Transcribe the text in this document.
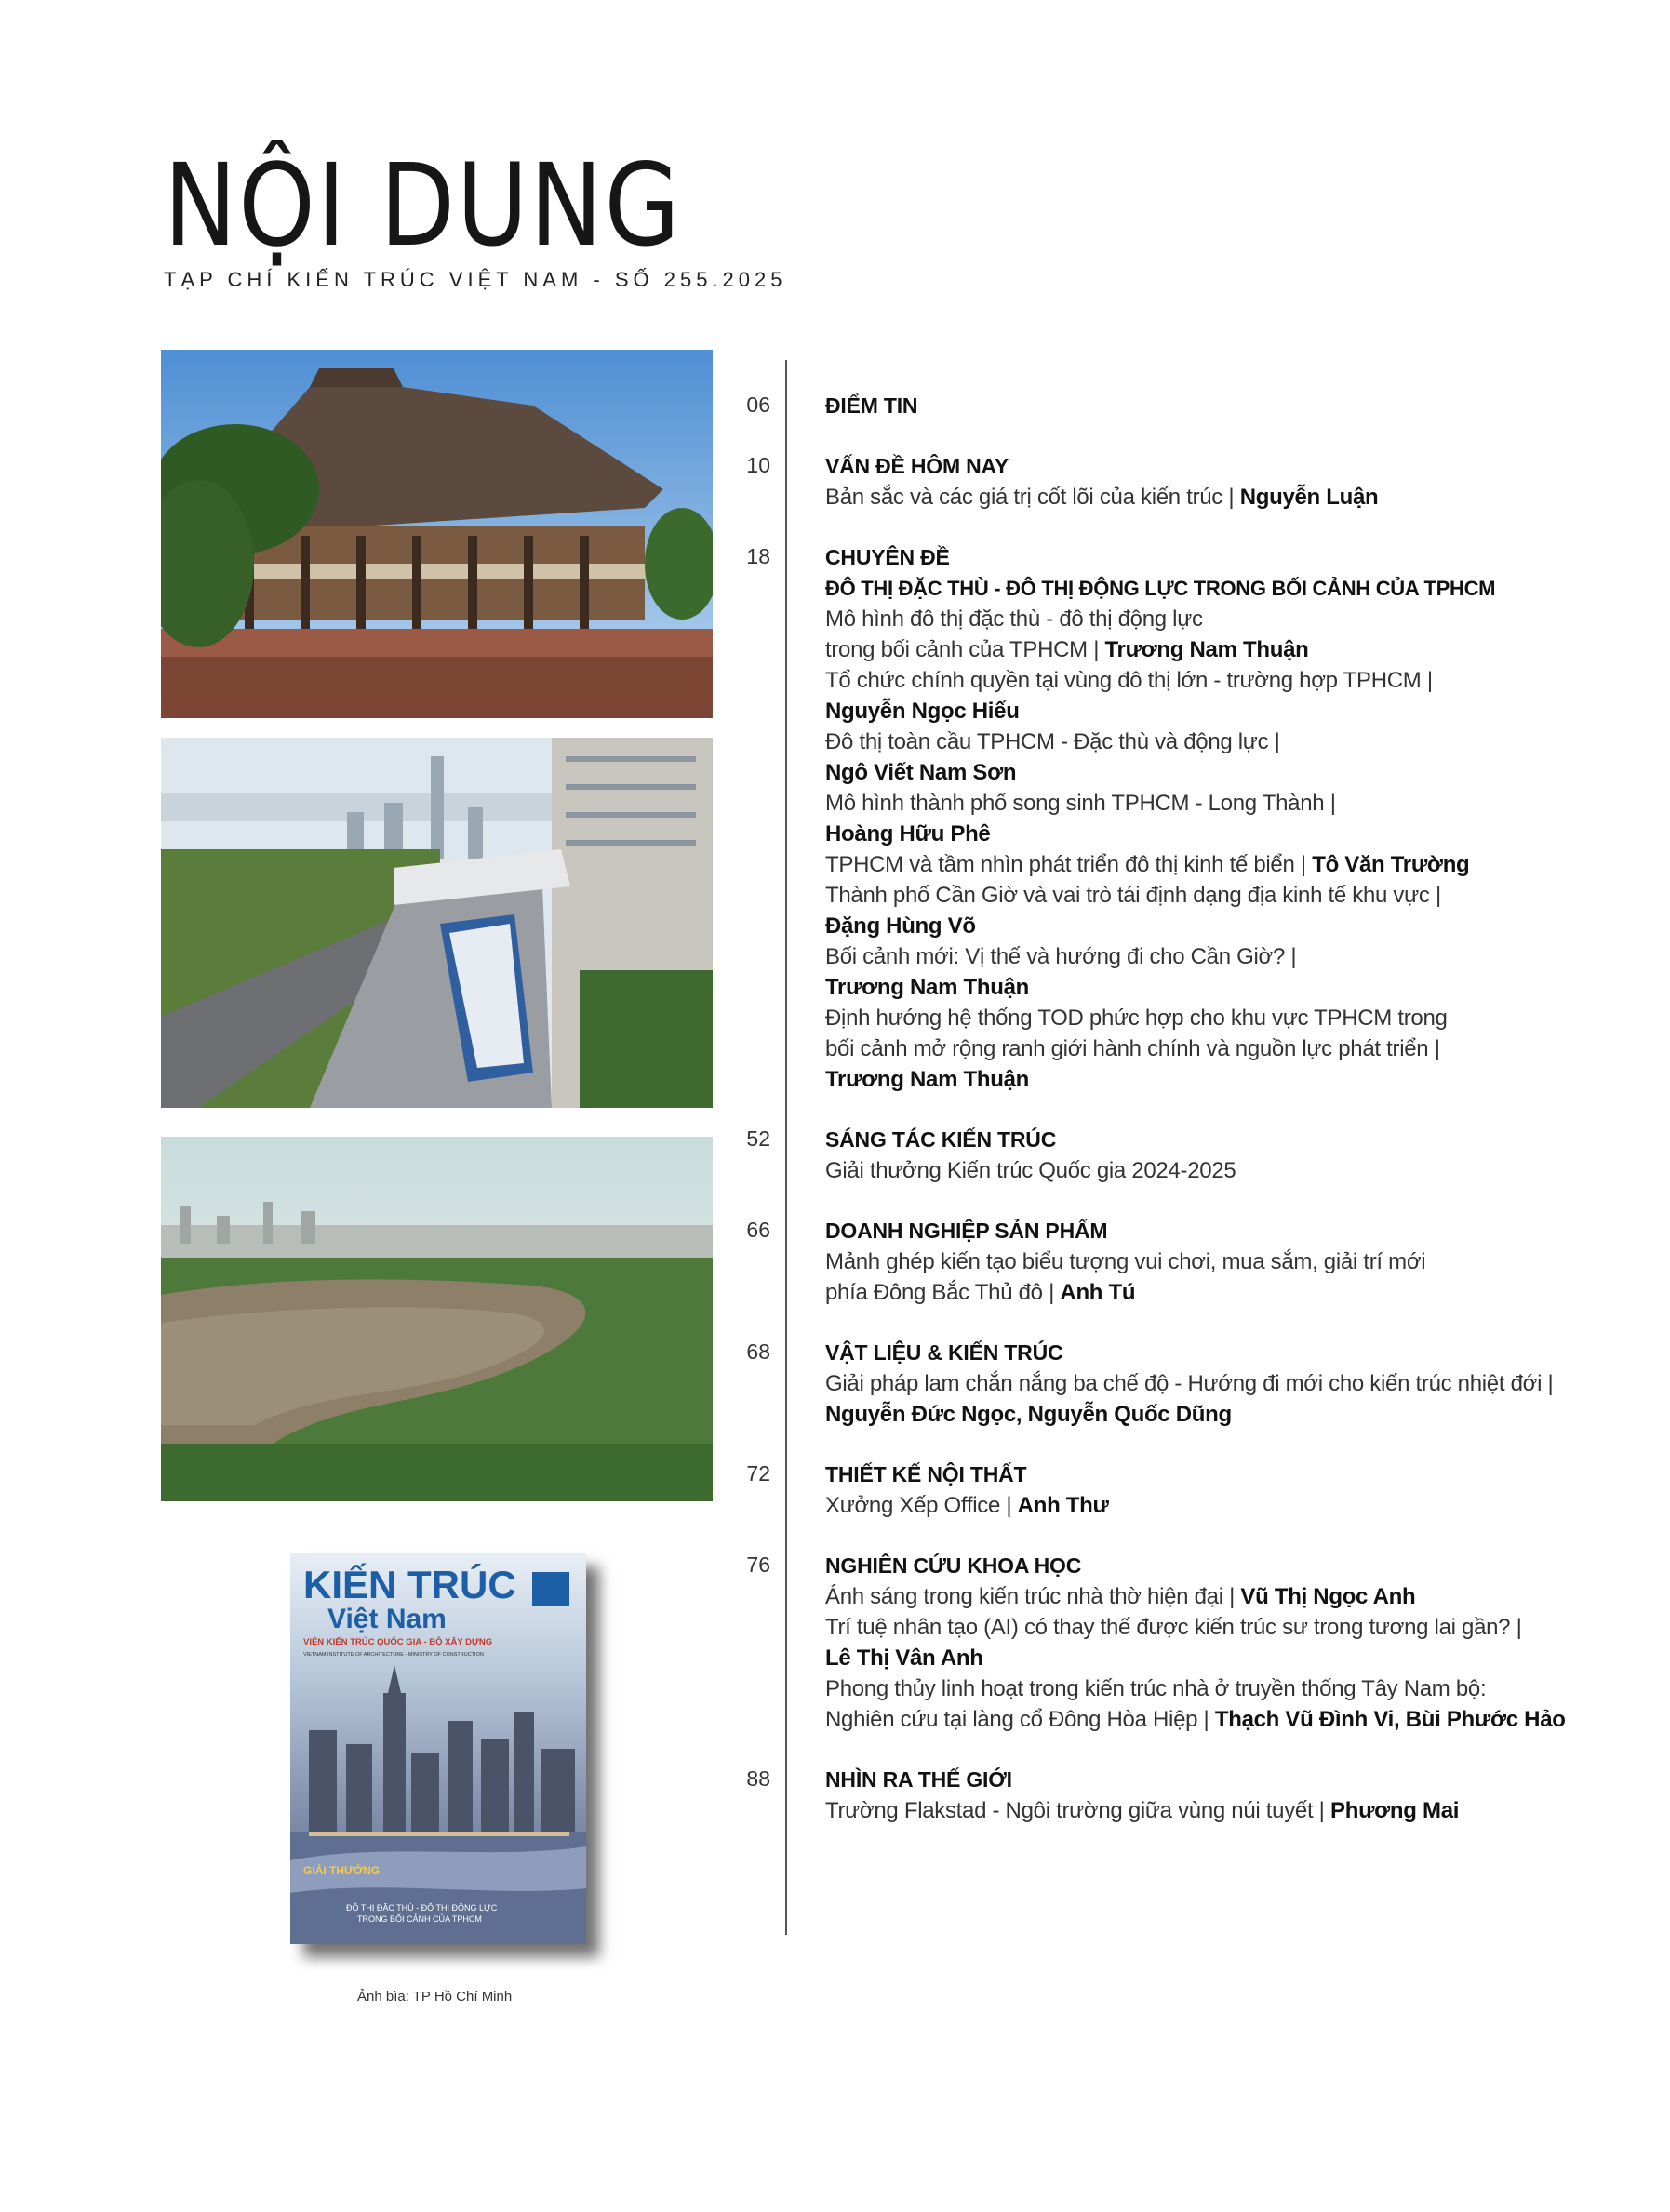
NỘI DUNG
TẠP CHÍ KIẾN TRÚC VIỆT NAM - SỐ 255.2025
KIẾN TRÚC
Việt Nam
VIỆN KIẾN TRÚC QUỐC GIA - BỘ XÂY DỰNG
VIETNAM INSTITUTE OF ARCHITECTURE - MINISTRY OF CONSTRUCTION
GIẢI THƯỞNG
ĐÔ THỊ ĐẶC THÙ - ĐÔ THỊ ĐỘNG LỰC
TRONG BỐI CẢNH CỦA TPHCM
Ảnh bìa: TP Hồ Chí Minh
06	ĐIỂM TIN
10	VẤN ĐỀ HÔM NAY
Bản sắc và các giá trị cốt lõi của kiến trúc | Nguyễn Luận
18	CHUYÊN ĐỀ
ĐÔ THỊ ĐẶC THÙ - ĐÔ THỊ ĐỘNG LỰC TRONG BỐI CẢNH CỦA TPHCM
Mô hình đô thị đặc thù - đô thị động lực
trong bối cảnh của TPHCM | Trương Nam Thuận
Tổ chức chính quyền tại vùng đô thị lớn - trường hợp TPHCM |
Nguyễn Ngọc Hiếu
Đô thị toàn cầu TPHCM - Đặc thù và động lực |
Ngô Viết Nam Sơn
Mô hình thành phố song sinh TPHCM - Long Thành |
Hoàng Hữu Phê
TPHCM và tầm nhìn phát triển đô thị kinh tế biển | Tô Văn Trường
Thành phố Cần Giờ và vai trò tái định dạng địa kinh tế khu vực |
Đặng Hùng Võ
Bối cảnh mới: Vị thế và hướng đi cho Cần Giờ? |
Trương Nam Thuận
Định hướng hệ thống TOD phức hợp cho khu vực TPHCM trong
bối cảnh mở rộng ranh giới hành chính và nguồn lực phát triển |
Trương Nam Thuận
52	SÁNG TÁC KIẾN TRÚC
Giải thưởng Kiến trúc Quốc gia 2024-2025
66	DOANH NGHIỆP SẢN PHẨM
Mảnh ghép kiến tạo biểu tượng vui chơi, mua sắm, giải trí mới
phía Đông Bắc Thủ đô | Anh Tú
68	VẬT LIỆU & KIẾN TRÚC
Giải pháp lam chắn nắng ba chế độ - Hướng đi mới cho kiến trúc nhiệt đới |
Nguyễn Đức Ngọc, Nguyễn Quốc Dũng
72	THIẾT KẾ NỘI THẤT
Xưởng Xếp Office | Anh Thư
76	NGHIÊN CỨU KHOA HỌC
Ánh sáng trong kiến trúc nhà thờ hiện đại | Vũ Thị Ngọc Anh
Trí tuệ nhân tạo (AI) có thay thế được kiến trúc sư trong tương lai gần? |
Lê Thị Vân Anh
Phong thủy linh hoạt trong kiến trúc nhà ở truyền thống Tây Nam bộ:
Nghiên cứu tại làng cổ Đông Hòa Hiệp | Thạch Vũ Đình Vi, Bùi Phước Hảo
88	NHÌN RA THẾ GIỚI
Trường Flakstad - Ngôi trường giữa vùng núi tuyết | Phương Mai
